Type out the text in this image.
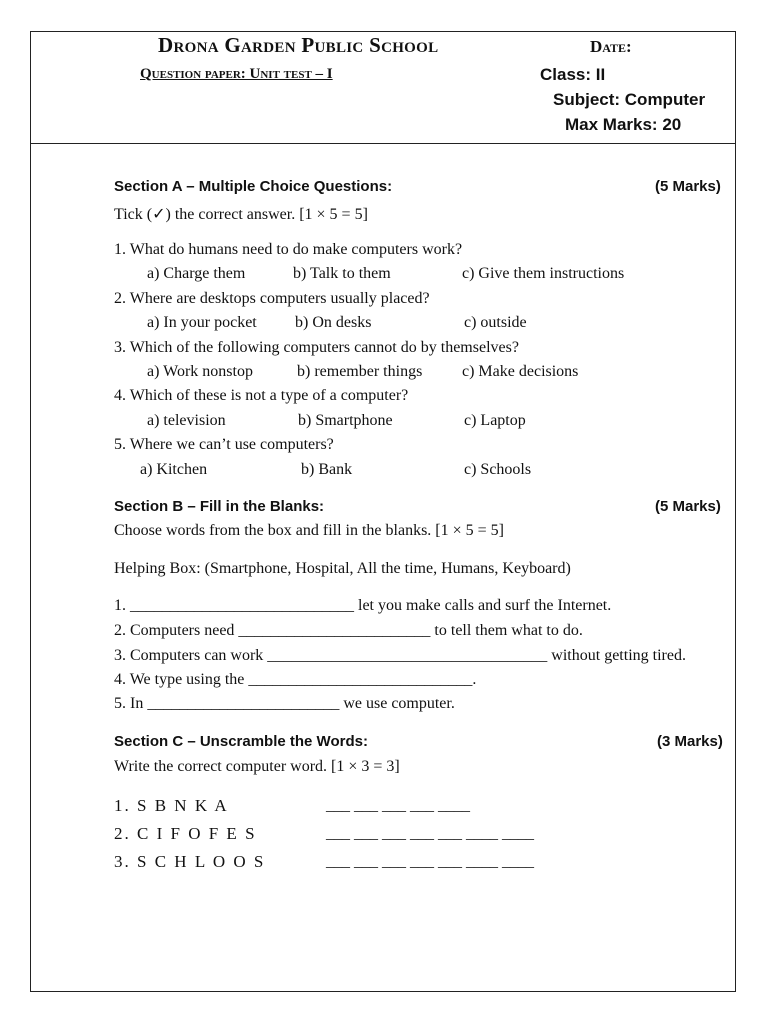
Drona Garden Public School
Question paper: Unit test – I
Date:
Class: II
Subject: Computer
Max Marks: 20
Section A – Multiple Choice Questions:	(5 Marks)
Tick (✓) the correct answer. [1 × 5 = 5]
1. What do humans need to do make computers work?
a) Charge them	b) Talk to them	c) Give them instructions
2. Where are desktops computers usually placed?
a) In your pocket b) On desks	c) outside
3. Which of the following computers cannot do by themselves?
a) Work nonstop	b) remember things c) Make decisions
4. Which of these is not a type of a computer?
a) television	b) Smartphone	c) Laptop
5. Where we can’t use computers?
a) Kitchen	b) Bank	c) Schools
Section B – Fill in the Blanks:	(5 Marks)
Choose words from the box and fill in the blanks. [1 × 5 = 5]
Helping Box: (Smartphone, Hospital, All the time, Humans, Keyboard)
1. ____________________________ let you make calls and surf the Internet.
2. Computers need ________________________ to tell them what to do.
3. Computers can work ___________________________________ without getting tired.
4. We type using the ____________________________.
5. In ________________________ we use computer.
Section C – Unscramble the Words:	(3 Marks)
Write the correct computer word. [1 × 3 = 3]
1. S B N K A	___ ___ ___ ___ ____
2. C I F O F E S	___ ___ ___ ___ ___ ____ ____
3. S C H L O O S	___ ___ ___ ___ ___ ____ ____
